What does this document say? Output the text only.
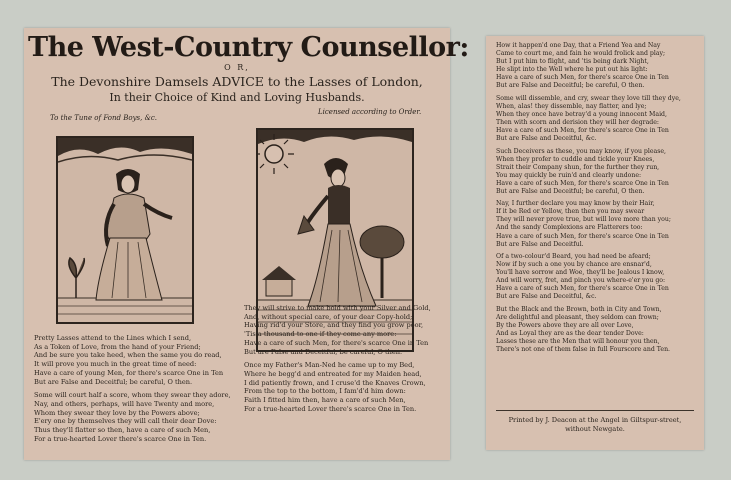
The West-Country Counsellor:
O R,
The Devonshire Damsels ADVICE to the Lasses of London,
In their Choice of Kind and Loving Husbands.
To the Tune of Fond Boys, &c.
Licensed according to Order.
Pretty Lasses attend to the Lines which I send,
As a Token of Love, from the hand of your Friend;
And be sure you take heed, when the same you do read,
It will prove you much in the great time of need:
Have a care of young Men, for there's scarce One in Ten
But are False and Deceitful; be careful, O then.
Some will court half a score, whom they swear they adore,
Nay, and others, perhaps, will have Twenty and more,
Whom they swear they love by the Powers above;
E'ery one by themselves they will call their dear Dove:
Thus they'll flatter so then, have a care of such Men,
For a true-hearted Lover there's scarce One in Ten.
They will strive to make bold with your Silver and Gold,
And, without special care, of your dear Copy-hold;
Having rid'd your Store, and they find you grow poor,
'Tis a thousand to one if they come any more:
Have a care of such Men, for there's scarce One in Ten
But are False and Deceitful; be careful, O then.
Once my Father's Man-Ned he came up to my Bed,
Where he begg'd and entreated for my Maiden head,
I did patiently frown, and I cruse'd the Knaves Crown,
From the top to the bottom, I fam'd'd him down:
Faith I fitted him then, have a care of such Men,
For a true-hearted Lover there's scarce One in Ten.
How it happen'd one Day, that a Friend Yea and Nay
Came to court me, and fain he would frolick and play;
But I put him to flight, and 'tis being dark Night,
He slipt into the Well where he put out his light:
Have a care of such Men, for there's scarce One in Ten
But are False and Deceitful; be careful, O then.
Some will dissemble, and cry, swear they love till they dye,
When, alas! they dissemble, nay flatter, and lye;
When they once have betray'd a young innocent Maid,
Then with scorn and derision they will her degrade:
Have a care of such Men, for there's scarce One in Ten
But are False and Deceitful, &c.
Such Deceivers as these, you may know, if you please,
When they profer to cuddle and tickle your Knees,
Strait their Company shun, for the further they run,
You may quickly be ruin'd and clearly undone:
Have a care of such Men, for there's scarce One in Ten
But are False and Deceitful; be careful, O then.
Nay, I further declare you may know by their Hair,
If it be Red or Yellow, then then you may swear
They will never prove true, but will love more than you;
And the sandy Complexions are Flatterers too:
Have a care of such Men, for there's scarce One in Ten
But are False and Deceitful.
Of a two-colour'd Beard, you had need be afeard;
Now if by such a one you by chance are ensnar'd,
You'll have sorrow and Woe, they'll be Jealous I know,
And will worry, fret, and pinch you where-e'er you go:
Have a care of such Men, for there's scarce One in Ten
But are False and Deceitful, &c.
But the Black and the Brown, both in City and Town,
Are delightful and pleasant, they seldom can frown;
By the Powers above they are all over Love,
And as Loyal they are as the dear tender Dove:
Lasses these are the Men that will honour you then,
There's not one of them false in full Fourscore and Ten.
Printed by J. Deacon at the Angel in Giltspur-street,
without Newgate.
